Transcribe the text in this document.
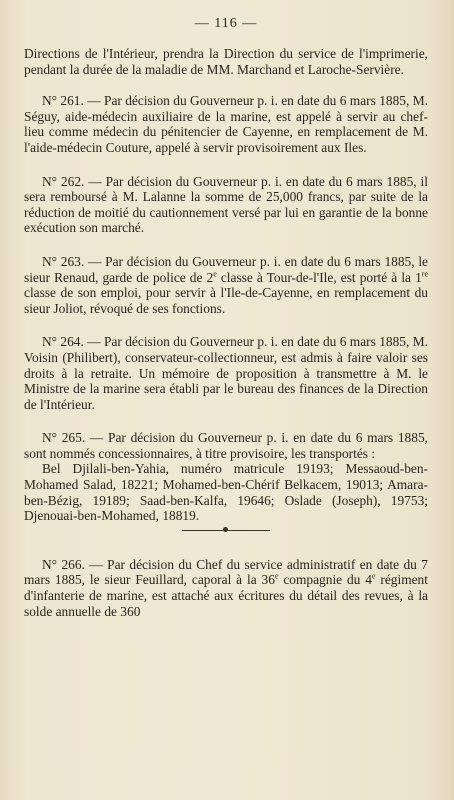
— 116 —
Directions de l'Intérieur, prendra la Direction du service de l'imprimerie, pendant la durée de la maladie de MM. Marchand et Laroche-Servière.
N° 261. — Par décision du Gouverneur p. i. en date du 6 mars 1885, M. Séguy, aide-médecin auxiliaire de la marine, est appelé à servir au chef-lieu comme médecin du pénitencier de Cayenne, en remplacement de M. l'aide-médecin Couture, appelé à servir provisoirement aux Iles.
N° 262. — Par décision du Gouverneur p. i. en date du 6 mars 1885, il sera remboursé à M. Lalanne la somme de 25,000 francs, par suite de la réduction de moitié du cautionnement versé par lui en garantie de la bonne exécution son marché.
N° 263. — Par décision du Gouverneur p. i. en date du 6 mars 1885, le sieur Renaud, garde de police de 2e classe à Tour-de-l'Ile, est porté à la 1re classe de son emploi, pour servir à l'Ile-de-Cayenne, en remplacement du sieur Joliot, révoqué de ses fonctions.
N° 264. — Par décision du Gouverneur p. i. en date du 6 mars 1885, M. Voisin (Philibert), conservateur-collectionneur, est admis à faire valoir ses droits à la retraite. Un mémoire de proposition à transmettre à M. le Ministre de la marine sera établi par le bureau des finances de la Direction de l'Intérieur.

N° 265. — Par décision du Gouverneur p. i. en date du 6 mars 1885, sont nommés concessionnaires, à titre provisoire, les transportés :

Bel Djilali-ben-Yahia, numéro matricule 19193; Messaoud-ben-Mohamed Salad, 18221; Mohamed-ben-Chérif Belkacem, 19013; Amara-ben-Bézig, 19189; Saad-ben-Kalfa, 19646; Oslade (Joseph), 19753; Djenouai-ben-Mohamed, 18819.

N° 266. — Par décision du Chef du service administratif en date du 7 mars 1885, le sieur Feuillard, caporal à la 36e compagnie du 4e régiment d'infanterie de marine, est attaché aux écritures du détail des revues, à la solde annuelle de 360
